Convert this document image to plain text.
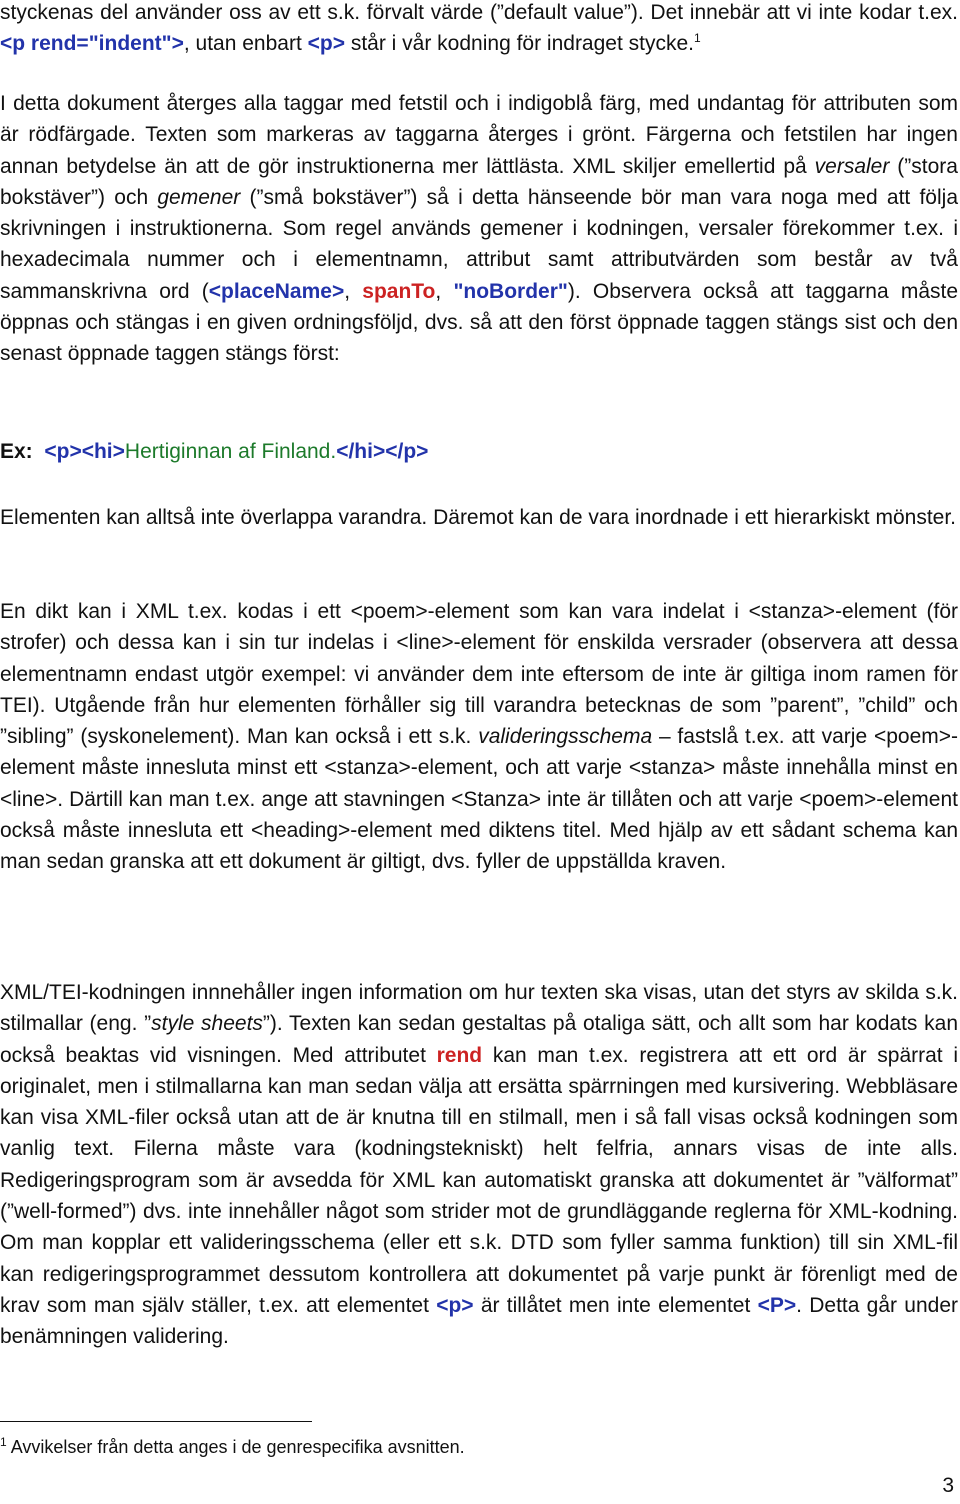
styckenas del använder oss av ett s.k. förvalt värde (”default value”). Det innebär att vi inte kodar t.ex. <p rend="indent">, utan enbart <p> står i vår kodning för indraget stycke.$^1$

I detta dokument återges alla taggar med fetstil och i indigoblå färg, med undantag för attributen som är rödfärgade. Texten som markeras av taggarna återges i grönt. Färgerna och fetstilen har ingen annan betydelse än att de gör instruktionerna mer lättlästa. XML skiljer emellertid på versaler (”stora bokstäver”) och gemener (”små bokstäver”) så i detta hänseende bör man vara noga med att följa skrivningen i instruktionerna. Som regel används gemener i kodningen, versaler förekommer t.ex. i hexadecimala nummer och i elementnamn, attribut samt attributvärden som består av två sammanskrivna ord (<placeName>, spanTo, "noBorder"). Observera också att taggarna måste öppnas och stängas i en given ordningsföljd, dvs. så att den först öppnade taggen stängs sist och den senast öppnade taggen stängs först:

Ex: <p><hi>Hertiginnan af Finland.</hi></p>

Elementen kan alltså inte överlappa varandra. Däremot kan de vara inordnade i ett hierarkiskt mönster.

En dikt kan i XML t.ex. kodas i ett <poem>-element som kan vara indelat i <stanza>-element (för strofer) och dessa kan i sin tur indelas i <line>-element för enskilda versrader (observera att dessa elementnamn endast utgör exempel: vi använder dem inte eftersom de inte är giltiga inom ramen för TEI). Utgående från hur elementen förhåller sig till varandra betecknas de som ”parent”, ”child” och ”sibling” (syskonelement). Man kan också i ett s.k. valideringsschema – fastslå t.ex. att varje <poem>-element måste innesluta minst ett <stanza>-element, och att varje <stanza> måste innehålla minst en <line>. Därtill kan man t.ex. ange att stavningen <Stanza> inte är tillåten och att varje <poem>-element också måste innesluta ett <heading>-element med diktens titel. Med hjälp av ett sådant schema kan man sedan granska att ett dokument är giltigt, dvs. fyller de uppställda kraven.

XML/TEI-kodningen innnehåller ingen information om hur texten ska visas, utan det styrs av skilda s.k. stilmallar (eng. ”style sheets”). Texten kan sedan gestaltas på otaliga sätt, och allt som har kodats kan också beaktas vid visningen. Med attributet rend kan man t.ex. registrera att ett ord är spärrat i originalet, men i stilmallarna kan man sedan välja att ersätta spärrningen med kursivering. Webbläsare kan visa XML-filer också utan att de är knutna till en stilmall, men i så fall visas också kodningen som vanlig text. Filerna måste vara (kodningstekniskt) helt felfria, annars visas de inte alls. Redigeringsprogram som är avsedda för XML kan automatiskt granska att dokumentet är ”välformat” (”well-formed”) dvs. inte innehåller något som strider mot de grundläggande reglerna för XML-kodning. Om man kopplar ett valideringsschema (eller ett s.k. DTD som fyller samma funktion) till sin XML-fil kan redigeringsprogrammet dessutom kontrollera att dokumentet på varje punkt är förenligt med de krav som man själv ställer, t.ex. att elementet <p> är tillåtet men inte elementet <P>. Detta går under benämningen validering.

$^1$ Avvikelser från detta anges i de genrespecifika avsnitten.
3
